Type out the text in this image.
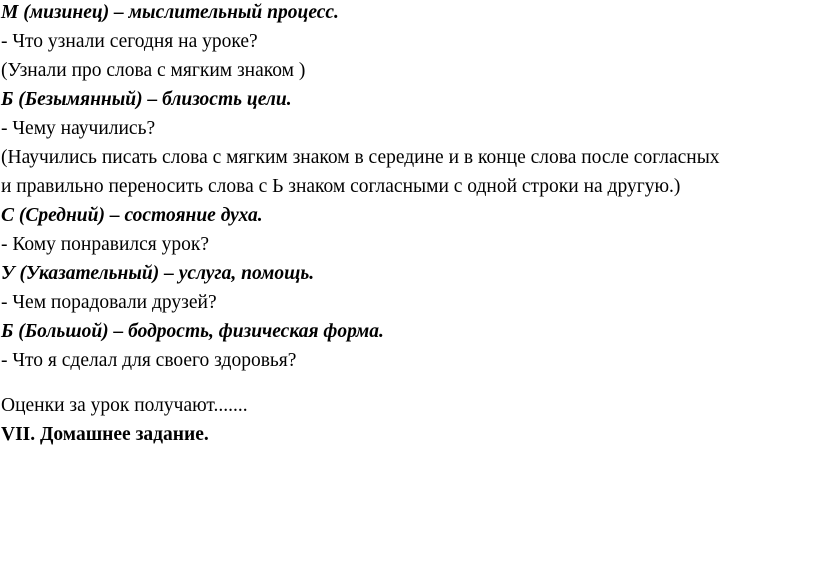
М (мизинец) – мыслительный процесс.
- Что узнали сегодня на уроке?
(Узнали про слова с мягким знаком )
Б (Безымянный) – близость цели.
- Чему научились?
(Научились писать слова с мягким знаком в середине и в конце слова после согласных
и правильно переносить слова с Ь знаком согласными с одной строки на другую.)
С (Средний) – состояние духа.
- Кому понравился урок?
У (Указательный) – услуга, помощь.
- Чем порадовали друзей?
Б (Большой) – бодрость, физическая форма.
- Что я сделал для своего здоровья?
Оценки за урок получают.......
VII. Домашнее задание.
